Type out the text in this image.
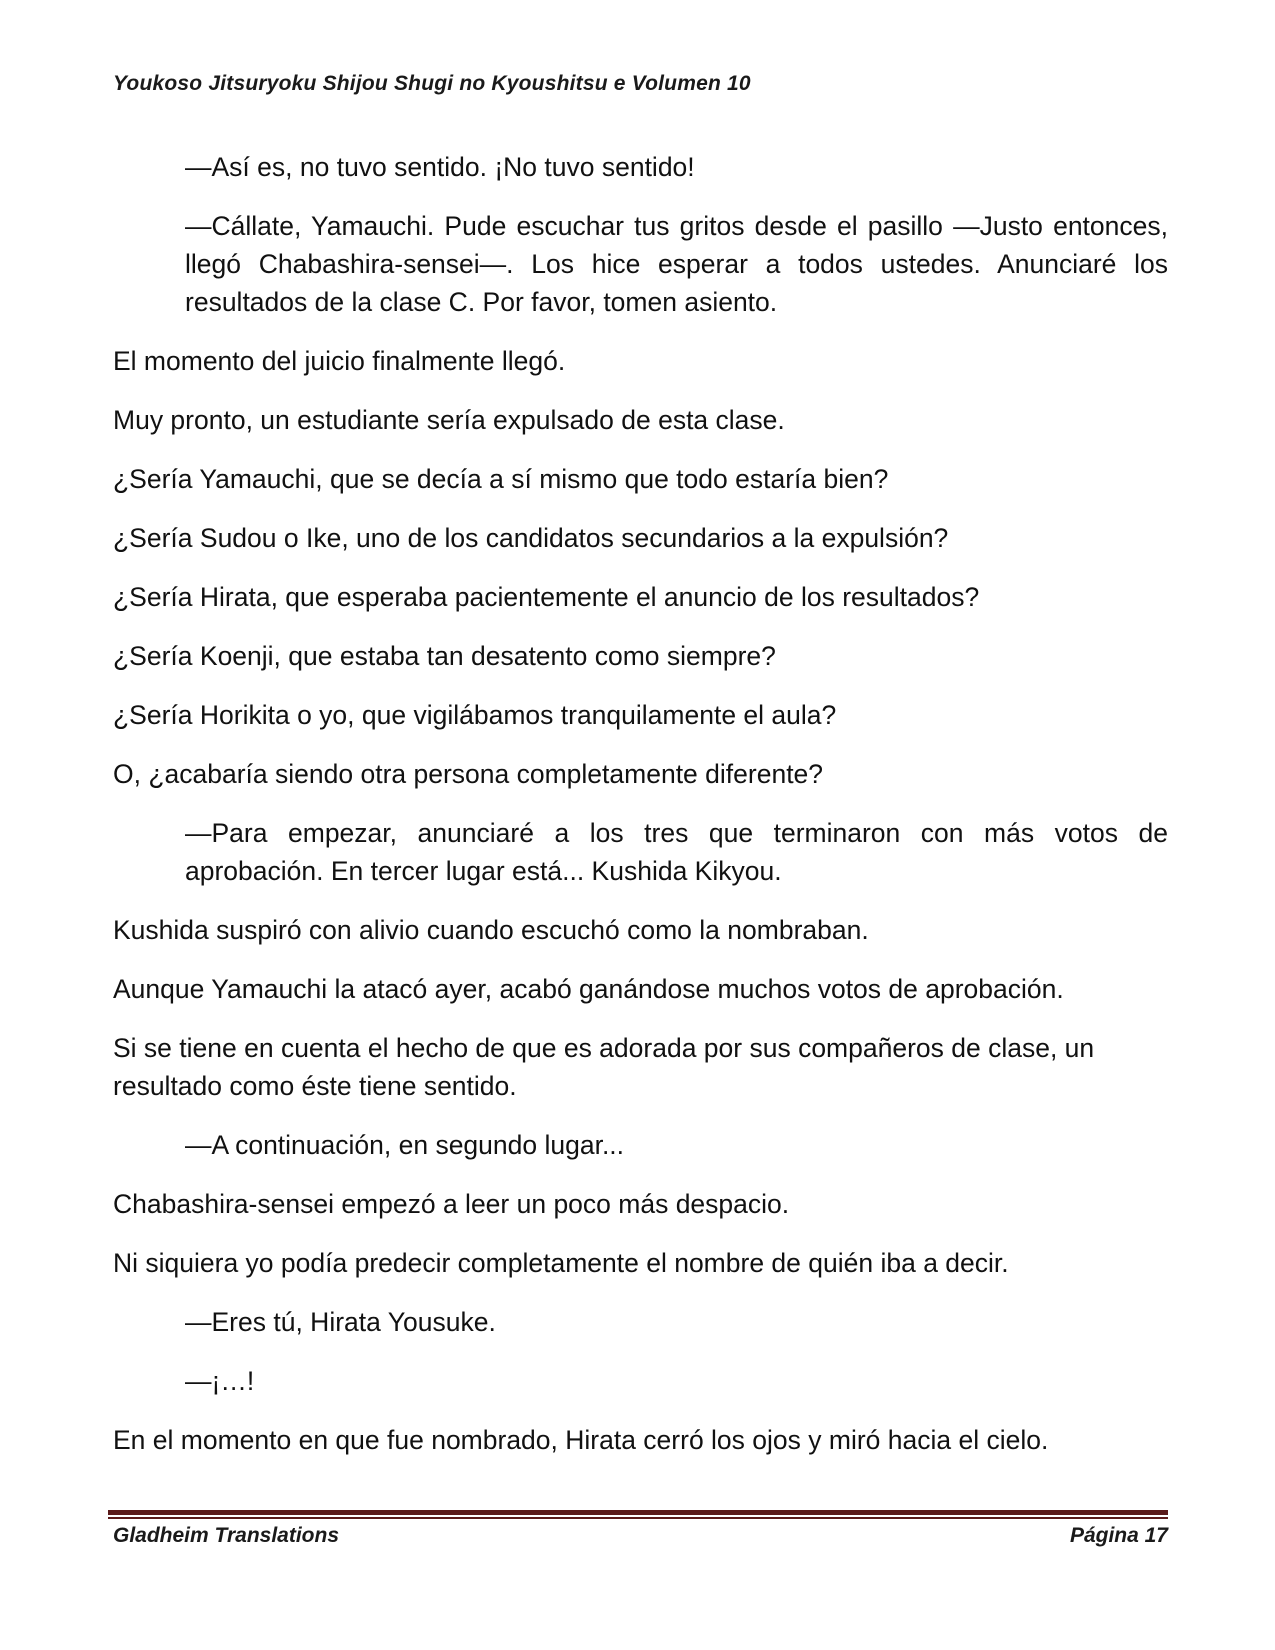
Youkoso Jitsuryoku Shijou Shugi no Kyoushitsu e Volumen 10

—Así es, no tuvo sentido. ¡No tuvo sentido!

—Cállate, Yamauchi. Pude escuchar tus gritos desde el pasillo —Justo entonces, llegó Chabashira-sensei—. Los hice esperar a todos ustedes. Anunciaré los resultados de la clase C. Por favor, tomen asiento.

El momento del juicio finalmente llegó.

Muy pronto, un estudiante sería expulsado de esta clase.

¿Sería Yamauchi, que se decía a sí mismo que todo estaría bien?

¿Sería Sudou o Ike, uno de los candidatos secundarios a la expulsión?

¿Sería Hirata, que esperaba pacientemente el anuncio de los resultados?

¿Sería Koenji, que estaba tan desatento como siempre?

¿Sería Horikita o yo, que vigilábamos tranquilamente el aula?

O, ¿acabaría siendo otra persona completamente diferente?

—Para empezar, anunciaré a los tres que terminaron con más votos de aprobación. En tercer lugar está... Kushida Kikyou.

Kushida suspiró con alivio cuando escuchó como la nombraban.

Aunque Yamauchi la atacó ayer, acabó ganándose muchos votos de aprobación.

Si se tiene en cuenta el hecho de que es adorada por sus compañeros de clase, un resultado como éste tiene sentido.

—A continuación, en segundo lugar...

Chabashira-sensei empezó a leer un poco más despacio.

Ni siquiera yo podía predecir completamente el nombre de quién iba a decir.

—Eres tú, Hirata Yousuke.

—¡…!

En el momento en que fue nombrado, Hirata cerró los ojos y miró hacia el cielo.

Gladheim Translations	Página 17
